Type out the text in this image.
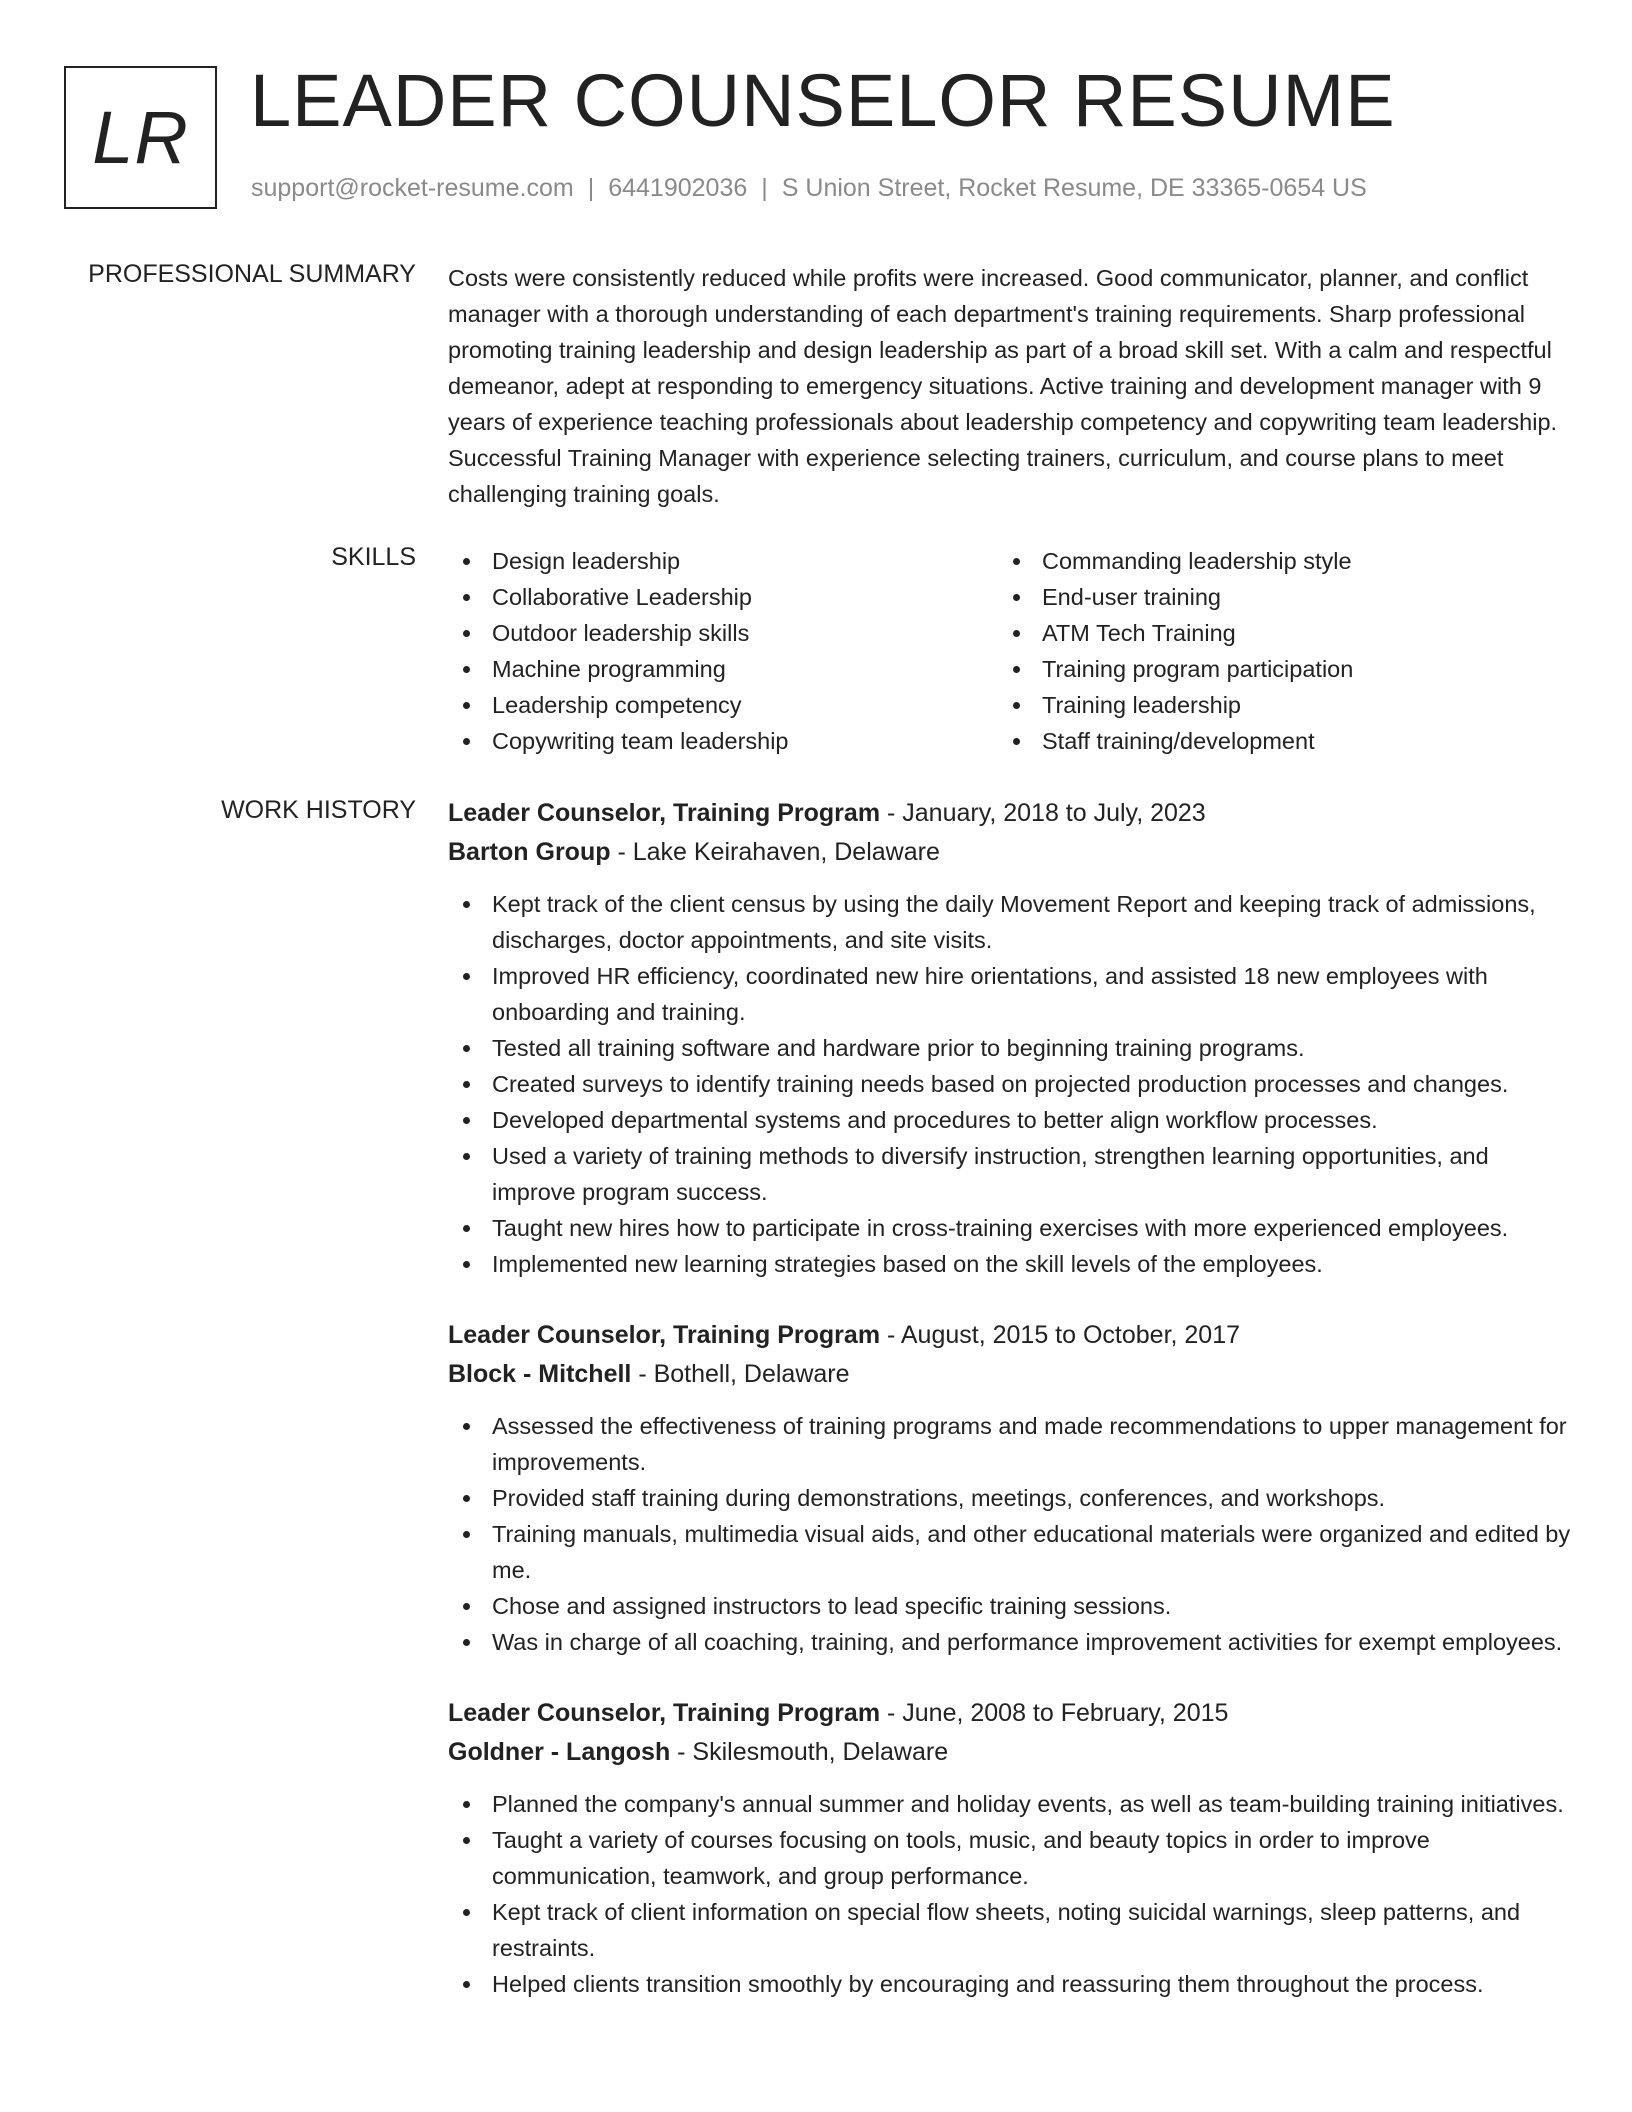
LR LEADER COUNSELOR RESUME
support@rocket-resume.com | 6441902036 | S Union Street, Rocket Resume, DE 33365-0654 US
PROFESSIONAL SUMMARY Costs were consistently reduced while profits were increased. Good communicator, planner, and conflict manager with a thorough understanding of each department's training requirements. Sharp professional promoting training leadership and design leadership as part of a broad skill set. With a calm and respectful demeanor, adept at responding to emergency situations. Active training and development manager with 9 years of experience teaching professionals about leadership competency and copywriting team leadership. Successful Training Manager with experience selecting trainers, curriculum, and course plans to meet challenging training goals.
SKILLS	Design leadership
Collaborative Leadership
Outdoor leadership skills
Machine programming
Leadership competency
Copywriting team leadership
Commanding leadership style
End-user training
ATM Tech Training
Training program participation
Training leadership
Staff training/development
WORK HISTORY Leader Counselor, Training Program - January, 2018 to July, 2023
Barton Group - Lake Keirahaven, Delaware
Kept track of the client census by using the daily Movement Report and keeping track of admissions, discharges, doctor appointments, and site visits.
Improved HR efficiency, coordinated new hire orientations, and assisted 18 new employees with onboarding and training.
Tested all training software and hardware prior to beginning training programs.
Created surveys to identify training needs based on projected production processes and changes.
Developed departmental systems and procedures to better align workflow processes.
Used a variety of training methods to diversify instruction, strengthen learning opportunities, and improve program success.
Taught new hires how to participate in cross-training exercises with more experienced employees.
Implemented new learning strategies based on the skill levels of the employees.
Leader Counselor, Training Program - August, 2015 to October, 2017
Block - Mitchell - Bothell, Delaware
Assessed the effectiveness of training programs and made recommendations to upper management for improvements.
Provided staff training during demonstrations, meetings, conferences, and workshops.
Training manuals, multimedia visual aids, and other educational materials were organized and edited by me.
Chose and assigned instructors to lead specific training sessions.
Was in charge of all coaching, training, and performance improvement activities for exempt employees.
Leader Counselor, Training Program - June, 2008 to February, 2015
Goldner - Langosh - Skilesmouth, Delaware
Planned the company's annual summer and holiday events, as well as team-building training initiatives.
Taught a variety of courses focusing on tools, music, and beauty topics in order to improve communication, teamwork, and group performance.
Kept track of client information on special flow sheets, noting suicidal warnings, sleep patterns, and restraints.
Helped clients transition smoothly by encouraging and reassuring them throughout the process.
